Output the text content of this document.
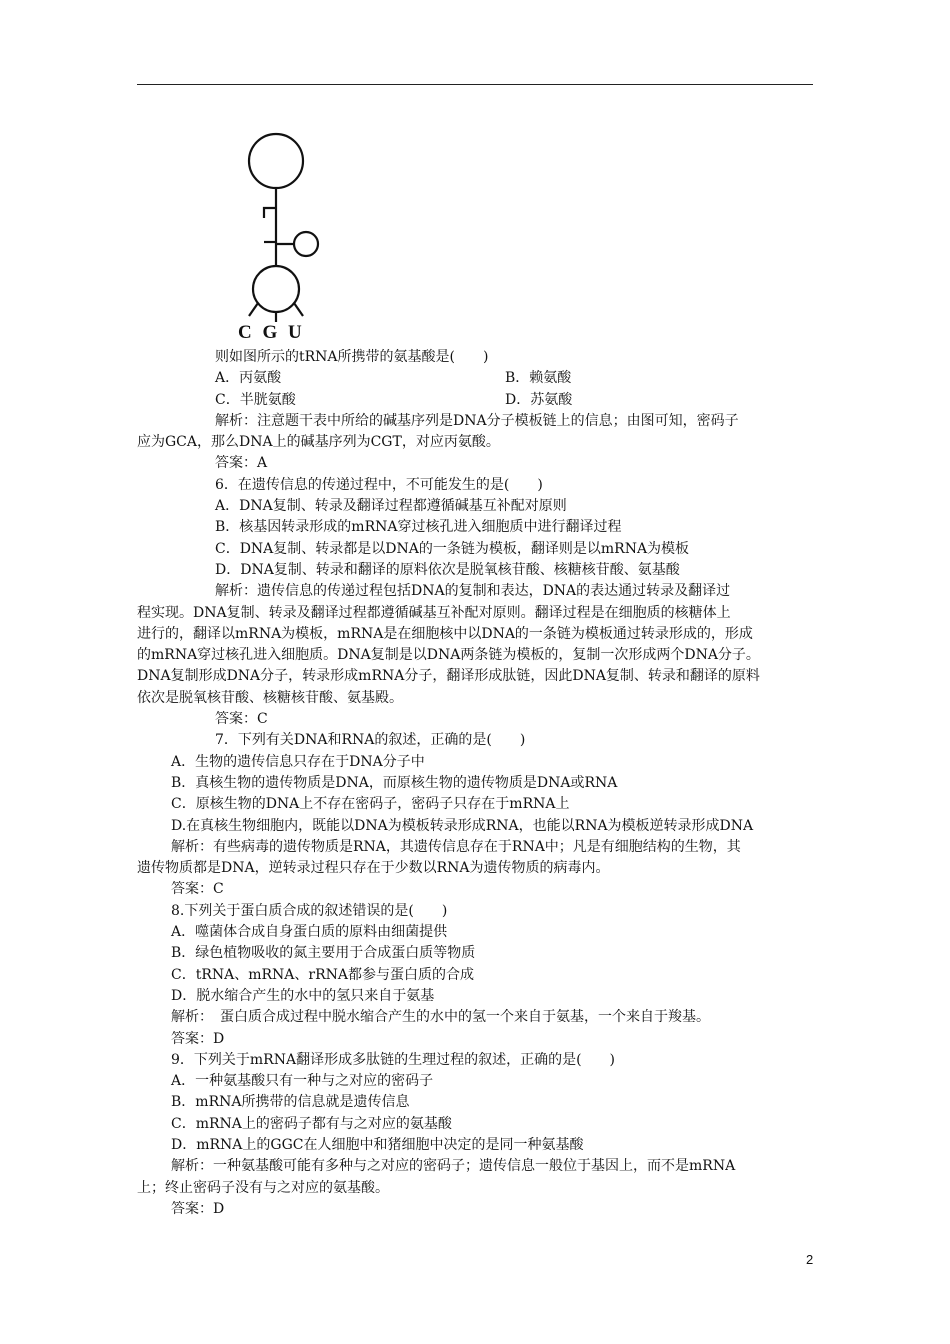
C G U
则如图所示的tRNA所携带的氨基酸是(　　)
A．丙氨酸	B．赖氨酸
C．半胱氨酸	D．苏氨酸
解析：注意题干表中所给的碱基序列是DNA分子模板链上的信息；由图可知，密码子
应为GCA，那么DNA上的碱基序列为CGT，对应丙氨酸。
答案：A
6．在遗传信息的传递过程中，不可能发生的是(　　)
A．DNA复制、转录及翻译过程都遵循碱基互补配对原则
B．核基因转录形成的mRNA穿过核孔进入细胞质中进行翻译过程
C．DNA复制、转录都是以DNA的一条链为模板，翻译则是以mRNA为模板
D．DNA复制、转录和翻译的原料依次是脱氧核苷酸、核糖核苷酸、氨基酸
解析：遗传信息的传递过程包括DNA的复制和表达，DNA的表达通过转录及翻译过
程实现。DNA复制、转录及翻译过程都遵循碱基互补配对原则。翻译过程是在细胞质的核糖体上
进行的，翻译以mRNA为模板，mRNA是在细胞核中以DNA的一条链为模板通过转录形成的，形成
的mRNA穿过核孔进入细胞质。DNA复制是以DNA两条链为模板的，复制一次形成两个DNA分子。
DNA复制形成DNA分子，转录形成mRNA分子，翻译形成肽链，因此DNA复制、转录和翻译的原料
依次是脱氧核苷酸、核糖核苷酸、氨基殿。
答案：C
7．下列有关DNA和RNA的叙述，正确的是(　　)
A．生物的遗传信息只存在于DNA分子中
B．真核生物的遗传物质是DNA，而原核生物的遗传物质是DNA或RNA
C．原核生物的DNA上不存在密码子，密码子只存在于mRNA上
D.在真核生物细胞内，既能以DNA为模板转录形成RNA，也能以RNA为模板逆转录形成DNA
解析：有些病毒的遗传物质是RNA，其遗传信息存在于RNA中；凡是有细胞结构的生物，其
遗传物质都是DNA，逆转录过程只存在于少数以RNA为遗传物质的病毒内。
答案：C
8.下列关于蛋白质合成的叙述错误的是(　　)
A．噬菌体合成自身蛋白质的原料由细菌提供
B．绿色植物吸收的氮主要用于合成蛋白质等物质
C．tRNA、mRNA、rRNA都参与蛋白质的合成
D．脱水缩合产生的水中的氢只来自于氨基
解析：　蛋白质合成过程中脱水缩合产生的水中的氢一个来自于氨基，一个来自于羧基。
答案：D
9．下列关于mRNA翻译形成多肽链的生理过程的叙述，正确的是(　　)
A．一种氨基酸只有一种与之对应的密码子
B．mRNA所携带的信息就是遗传信息
C．mRNA上的密码子都有与之对应的氨基酸
D．mRNA上的GGC在人细胞中和猪细胞中决定的是同一种氨基酸
解析：一种氨基酸可能有多种与之对应的密码子；遗传信息一般位于基因上，而不是mRNA
上；终止密码子没有与之对应的氨基酸。
答案：D
2
